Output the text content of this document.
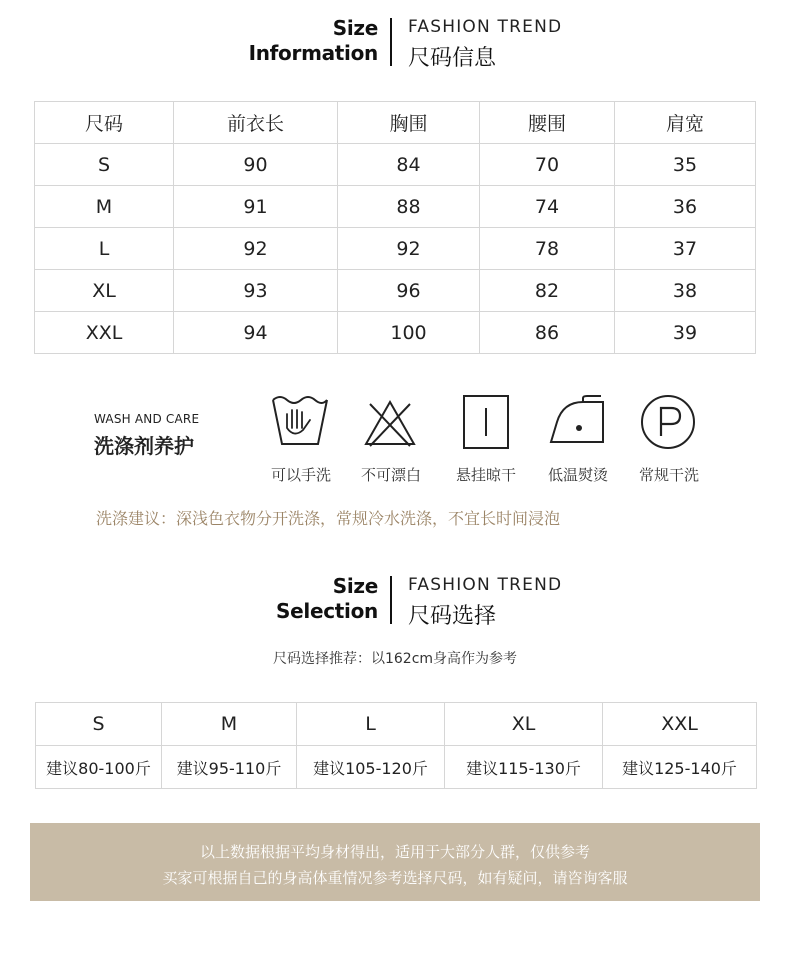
Size
Information
FASHION TREND
尺码信息
尺码	前衣长	胸围	腰围	肩宽
S	90	84	70	35
M	91	88	74	36
L	92	92	78	37
XL	93	96	82	38
XXL	94	100	86	39
WASH AND CARE
洗涤剂养护
可以手洗	不可漂白	悬挂晾干	低温熨烫	常规干洗
洗涤建议：深浅色衣物分开洗涤，常规冷水洗涤，不宜长时间浸泡
Size
Selection
FASHION TREND
尺码选择
尺码选择推荐：以162cm身高作为参考
S	M	L	XL	XXL
建议80-100斤	建议95-110斤	建议105-120斤	建议115-130斤	建议125-140斤
以上数据根据平均身材得出，适用于大部分人群，仅供参考
买家可根据自己的身高体重情况参考选择尺码，如有疑问，请咨询客服
